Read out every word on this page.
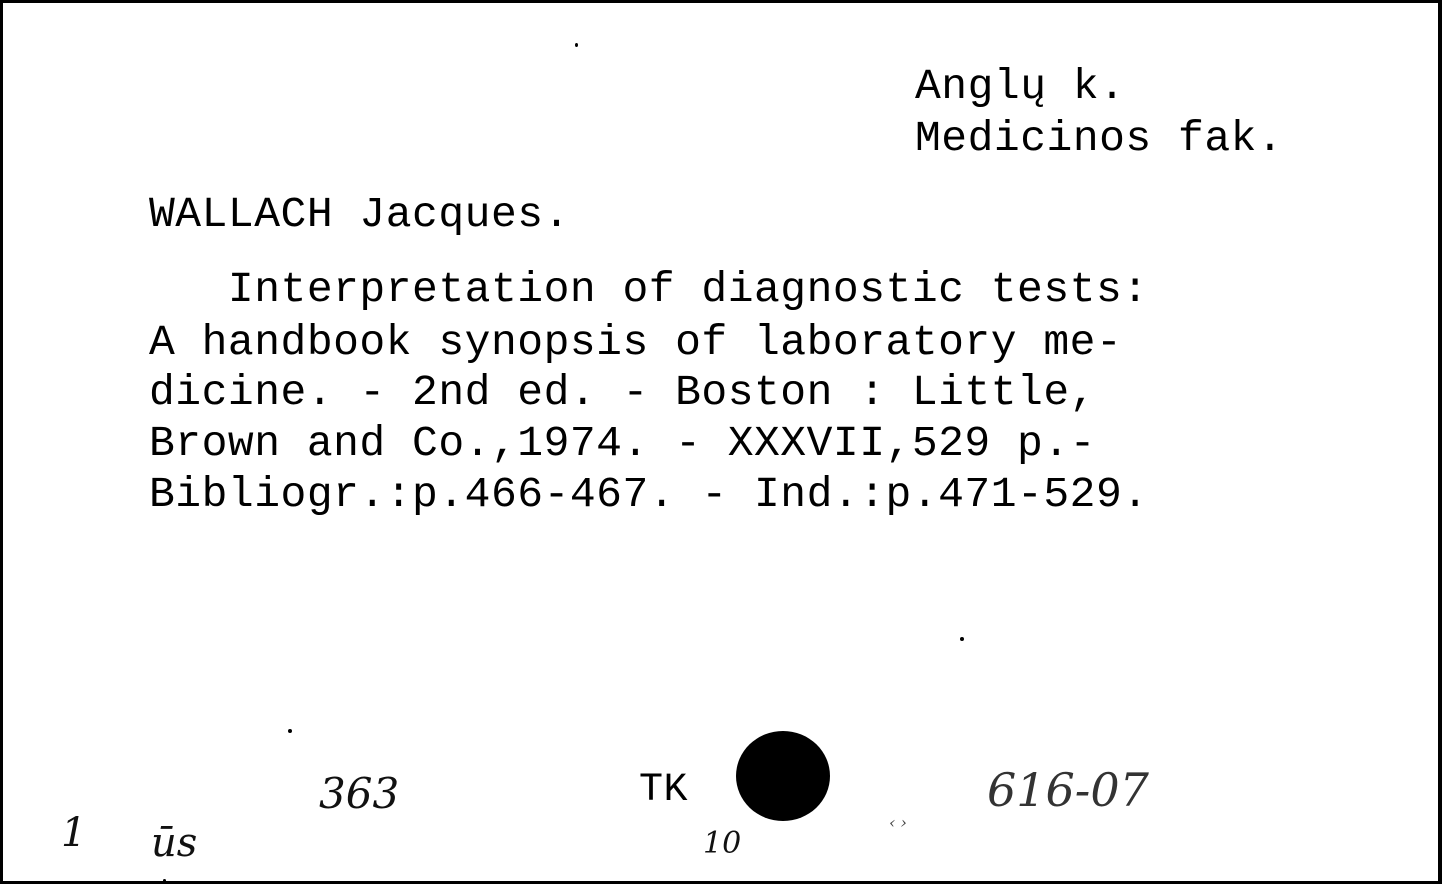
Anglų k.
Medicinos fak.
WALLACH Jacques.
Interpretation of diagnostic tests:
A handbook synopsis of laboratory me-
dicine. - 2nd ed. - Boston : Little,
Brown and Co.,1974. - XXXVII,529 p.-
Bibliogr.:p.466-467. - Ind.:p.471-529.
363	TK	616-07
1 ūs	10
‹ ›
